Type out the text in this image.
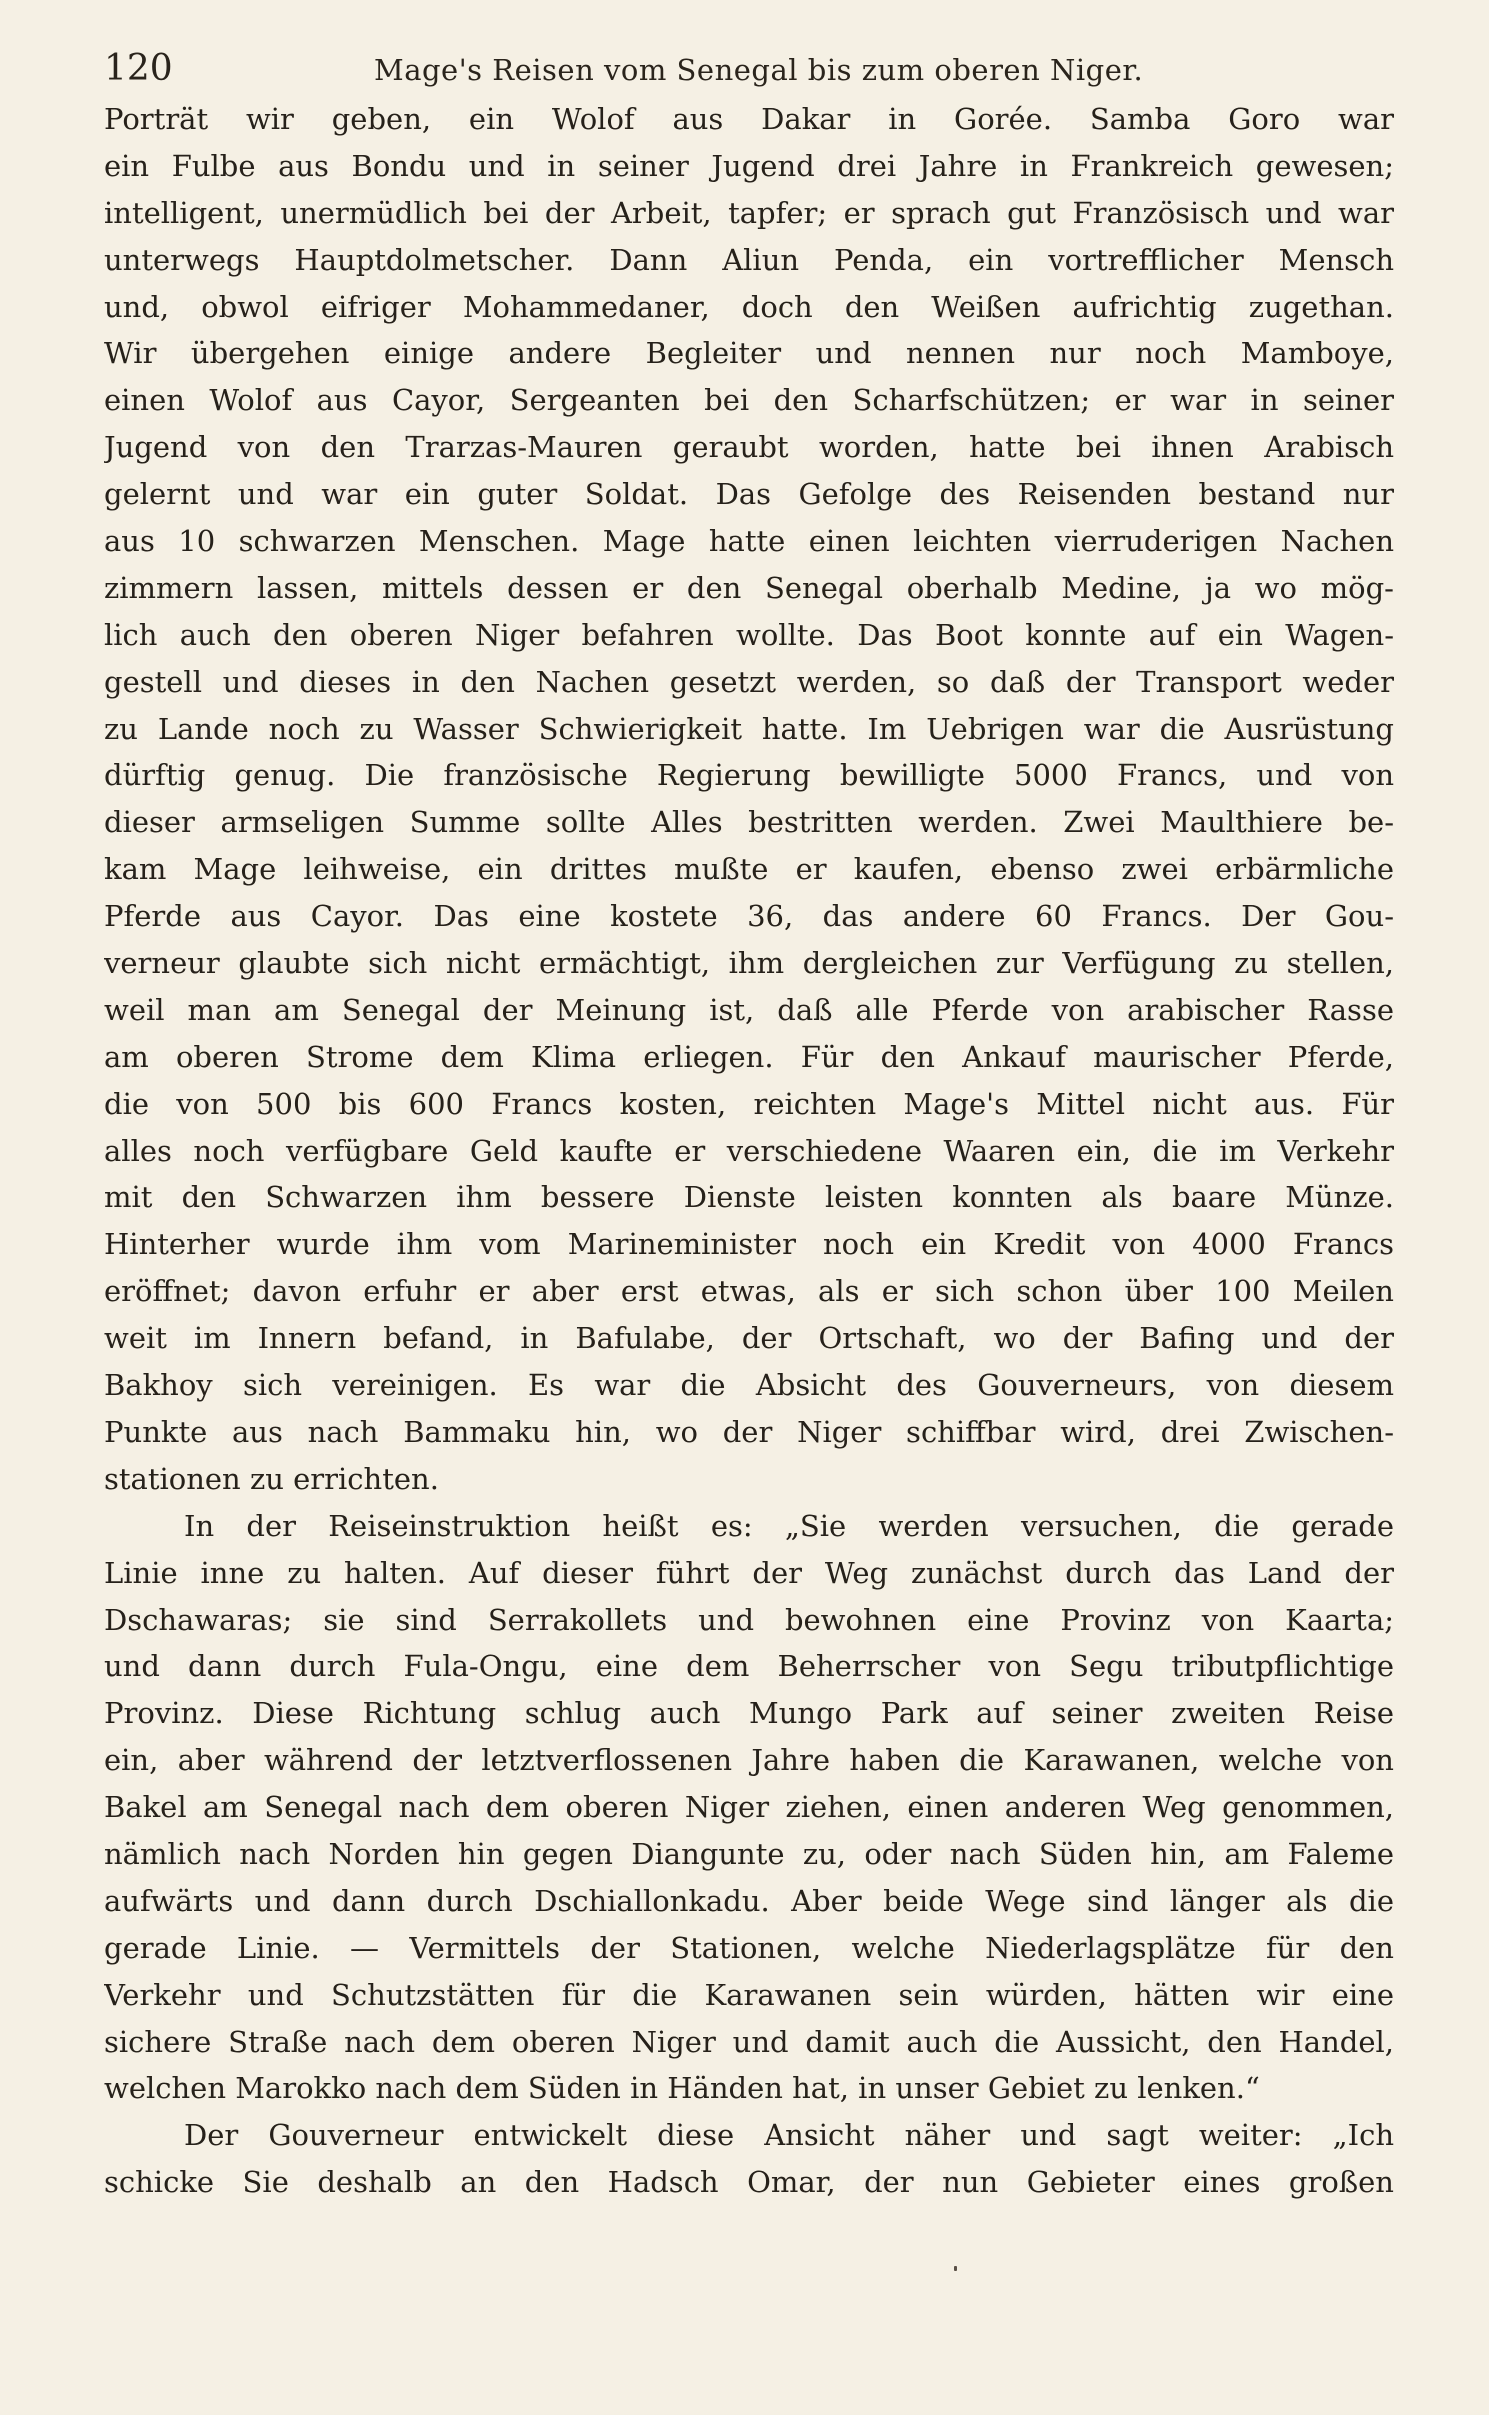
120	Mage's Reisen vom Senegal bis zum oberen Niger.
Porträt wir geben, ein Wolof aus Dakar in Gorée. Samba Goro war
ein Fulbe aus Bondu und in seiner Jugend drei Jahre in Frankreich gewesen;
intelligent, unermüdlich bei der Arbeit, tapfer; er sprach gut Französisch und war
unterwegs Hauptdolmetscher. Dann Aliun Penda, ein vortrefflicher Mensch
und, obwol eifriger Mohammedaner, doch den Weißen aufrichtig zugethan.
Wir übergehen einige andere Begleiter und nennen nur noch Mamboye,
einen Wolof aus Cayor, Sergeanten bei den Scharfschützen; er war in seiner
Jugend von den Trarzas-Mauren geraubt worden, hatte bei ihnen Arabisch
gelernt und war ein guter Soldat. Das Gefolge des Reisenden bestand nur
aus 10 schwarzen Menschen. Mage hatte einen leichten vierruderigen Nachen
zimmern lassen, mittels dessen er den Senegal oberhalb Medine, ja wo mög-
lich auch den oberen Niger befahren wollte. Das Boot konnte auf ein Wagen-
gestell und dieses in den Nachen gesetzt werden, so daß der Transport weder
zu Lande noch zu Wasser Schwierigkeit hatte. Im Uebrigen war die Ausrüstung
dürftig genug. Die französische Regierung bewilligte 5000 Francs, und von
dieser armseligen Summe sollte Alles bestritten werden. Zwei Maulthiere be-
kam Mage leihweise, ein drittes mußte er kaufen, ebenso zwei erbärmliche
Pferde aus Cayor. Das eine kostete 36, das andere 60 Francs. Der Gou-
verneur glaubte sich nicht ermächtigt, ihm dergleichen zur Verfügung zu stellen,
weil man am Senegal der Meinung ist, daß alle Pferde von arabischer Rasse
am oberen Strome dem Klima erliegen. Für den Ankauf maurischer Pferde,
die von 500 bis 600 Francs kosten, reichten Mage's Mittel nicht aus. Für
alles noch verfügbare Geld kaufte er verschiedene Waaren ein, die im Verkehr
mit den Schwarzen ihm bessere Dienste leisten konnten als baare Münze.
Hinterher wurde ihm vom Marineminister noch ein Kredit von 4000 Francs
eröffnet; davon erfuhr er aber erst etwas, als er sich schon über 100 Meilen
weit im Innern befand, in Bafulabe, der Ortschaft, wo der Bafing und der
Bakhoy sich vereinigen. Es war die Absicht des Gouverneurs, von diesem
Punkte aus nach Bammaku hin, wo der Niger schiffbar wird, drei Zwischen-
stationen zu errichten.
In der Reiseinstruktion heißt es: „Sie werden versuchen, die gerade
Linie inne zu halten. Auf dieser führt der Weg zunächst durch das Land der
Dschawaras; sie sind Serrakollets und bewohnen eine Provinz von Kaarta;
und dann durch Fula-Ongu, eine dem Beherrscher von Segu tributpflichtige
Provinz. Diese Richtung schlug auch Mungo Park auf seiner zweiten Reise
ein, aber während der letztverflossenen Jahre haben die Karawanen, welche von
Bakel am Senegal nach dem oberen Niger ziehen, einen anderen Weg genommen,
nämlich nach Norden hin gegen Diangunte zu, oder nach Süden hin, am Faleme
aufwärts und dann durch Dschiallonkadu. Aber beide Wege sind länger als die
gerade Linie. — Vermittels der Stationen, welche Niederlagsplätze für den
Verkehr und Schutzstätten für die Karawanen sein würden, hätten wir eine
sichere Straße nach dem oberen Niger und damit auch die Aussicht, den Handel,
welchen Marokko nach dem Süden in Händen hat, in unser Gebiet zu lenken.“
Der Gouverneur entwickelt diese Ansicht näher und sagt weiter: „Ich
schicke Sie deshalb an den Hadsch Omar, der nun Gebieter eines großen
